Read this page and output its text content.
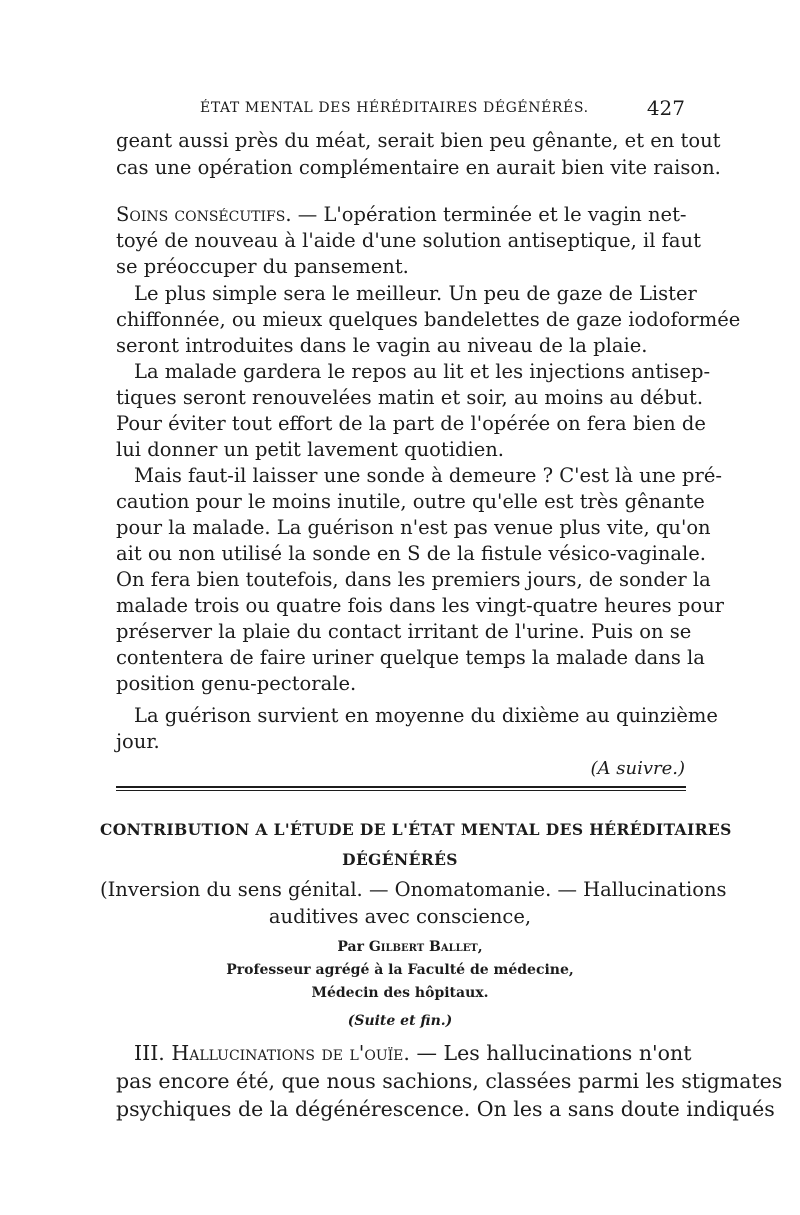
ÉTAT MENTAL DES HÉRÉDITAIRES DÉGÉNÉRÉS.	427
geant aussi près du méat, serait bien peu gênante, et en tout
cas une opération complémentaire en aurait bien vite raison.
Soins consécutifs. — L'opération terminée et le vagin net-
toyé de nouveau à l'aide d'une solution antiseptique, il faut
se préoccuper du pansement.
Le plus simple sera le meilleur. Un peu de gaze de Lister
chiffonnée, ou mieux quelques bandelettes de gaze iodoformée
seront introduites dans le vagin au niveau de la plaie.
La malade gardera le repos au lit et les injections antisep-
tiques seront renouvelées matin et soir, au moins au début.
Pour éviter tout effort de la part de l'opérée on fera bien de
lui donner un petit lavement quotidien.
Mais faut-il laisser une sonde à demeure ? C'est là une pré-
caution pour le moins inutile, outre qu'elle est très gênante
pour la malade. La guérison n'est pas venue plus vite, qu'on
ait ou non utilisé la sonde en S de la fistule vésico-vaginale.
On fera bien toutefois, dans les premiers jours, de sonder la
malade trois ou quatre fois dans les vingt-quatre heures pour
préserver la plaie du contact irritant de l'urine. Puis on se
contentera de faire uriner quelque temps la malade dans la
position genu-pectorale.
La guérison survient en moyenne du dixième au quinzième
jour.
(A suivre.)
CONTRIBUTION A L'ÉTUDE DE L'ÉTAT MENTAL DES HÉRÉDITAIRES
DÉGÉNÉRÉS
(Inversion du sens génital. — Onomatomanie. — Hallucinations
auditives avec conscience,
Par Gilbert Ballet,
Professeur agrégé à la Faculté de médecine,
Médecin des hôpitaux.
(Suite et fin.)
III. Hallucinations de l'ouïe. — Les hallucinations n'ont
pas encore été, que nous sachions, classées parmi les stigmates
psychiques de la dégénérescence. On les a sans doute indiqués
